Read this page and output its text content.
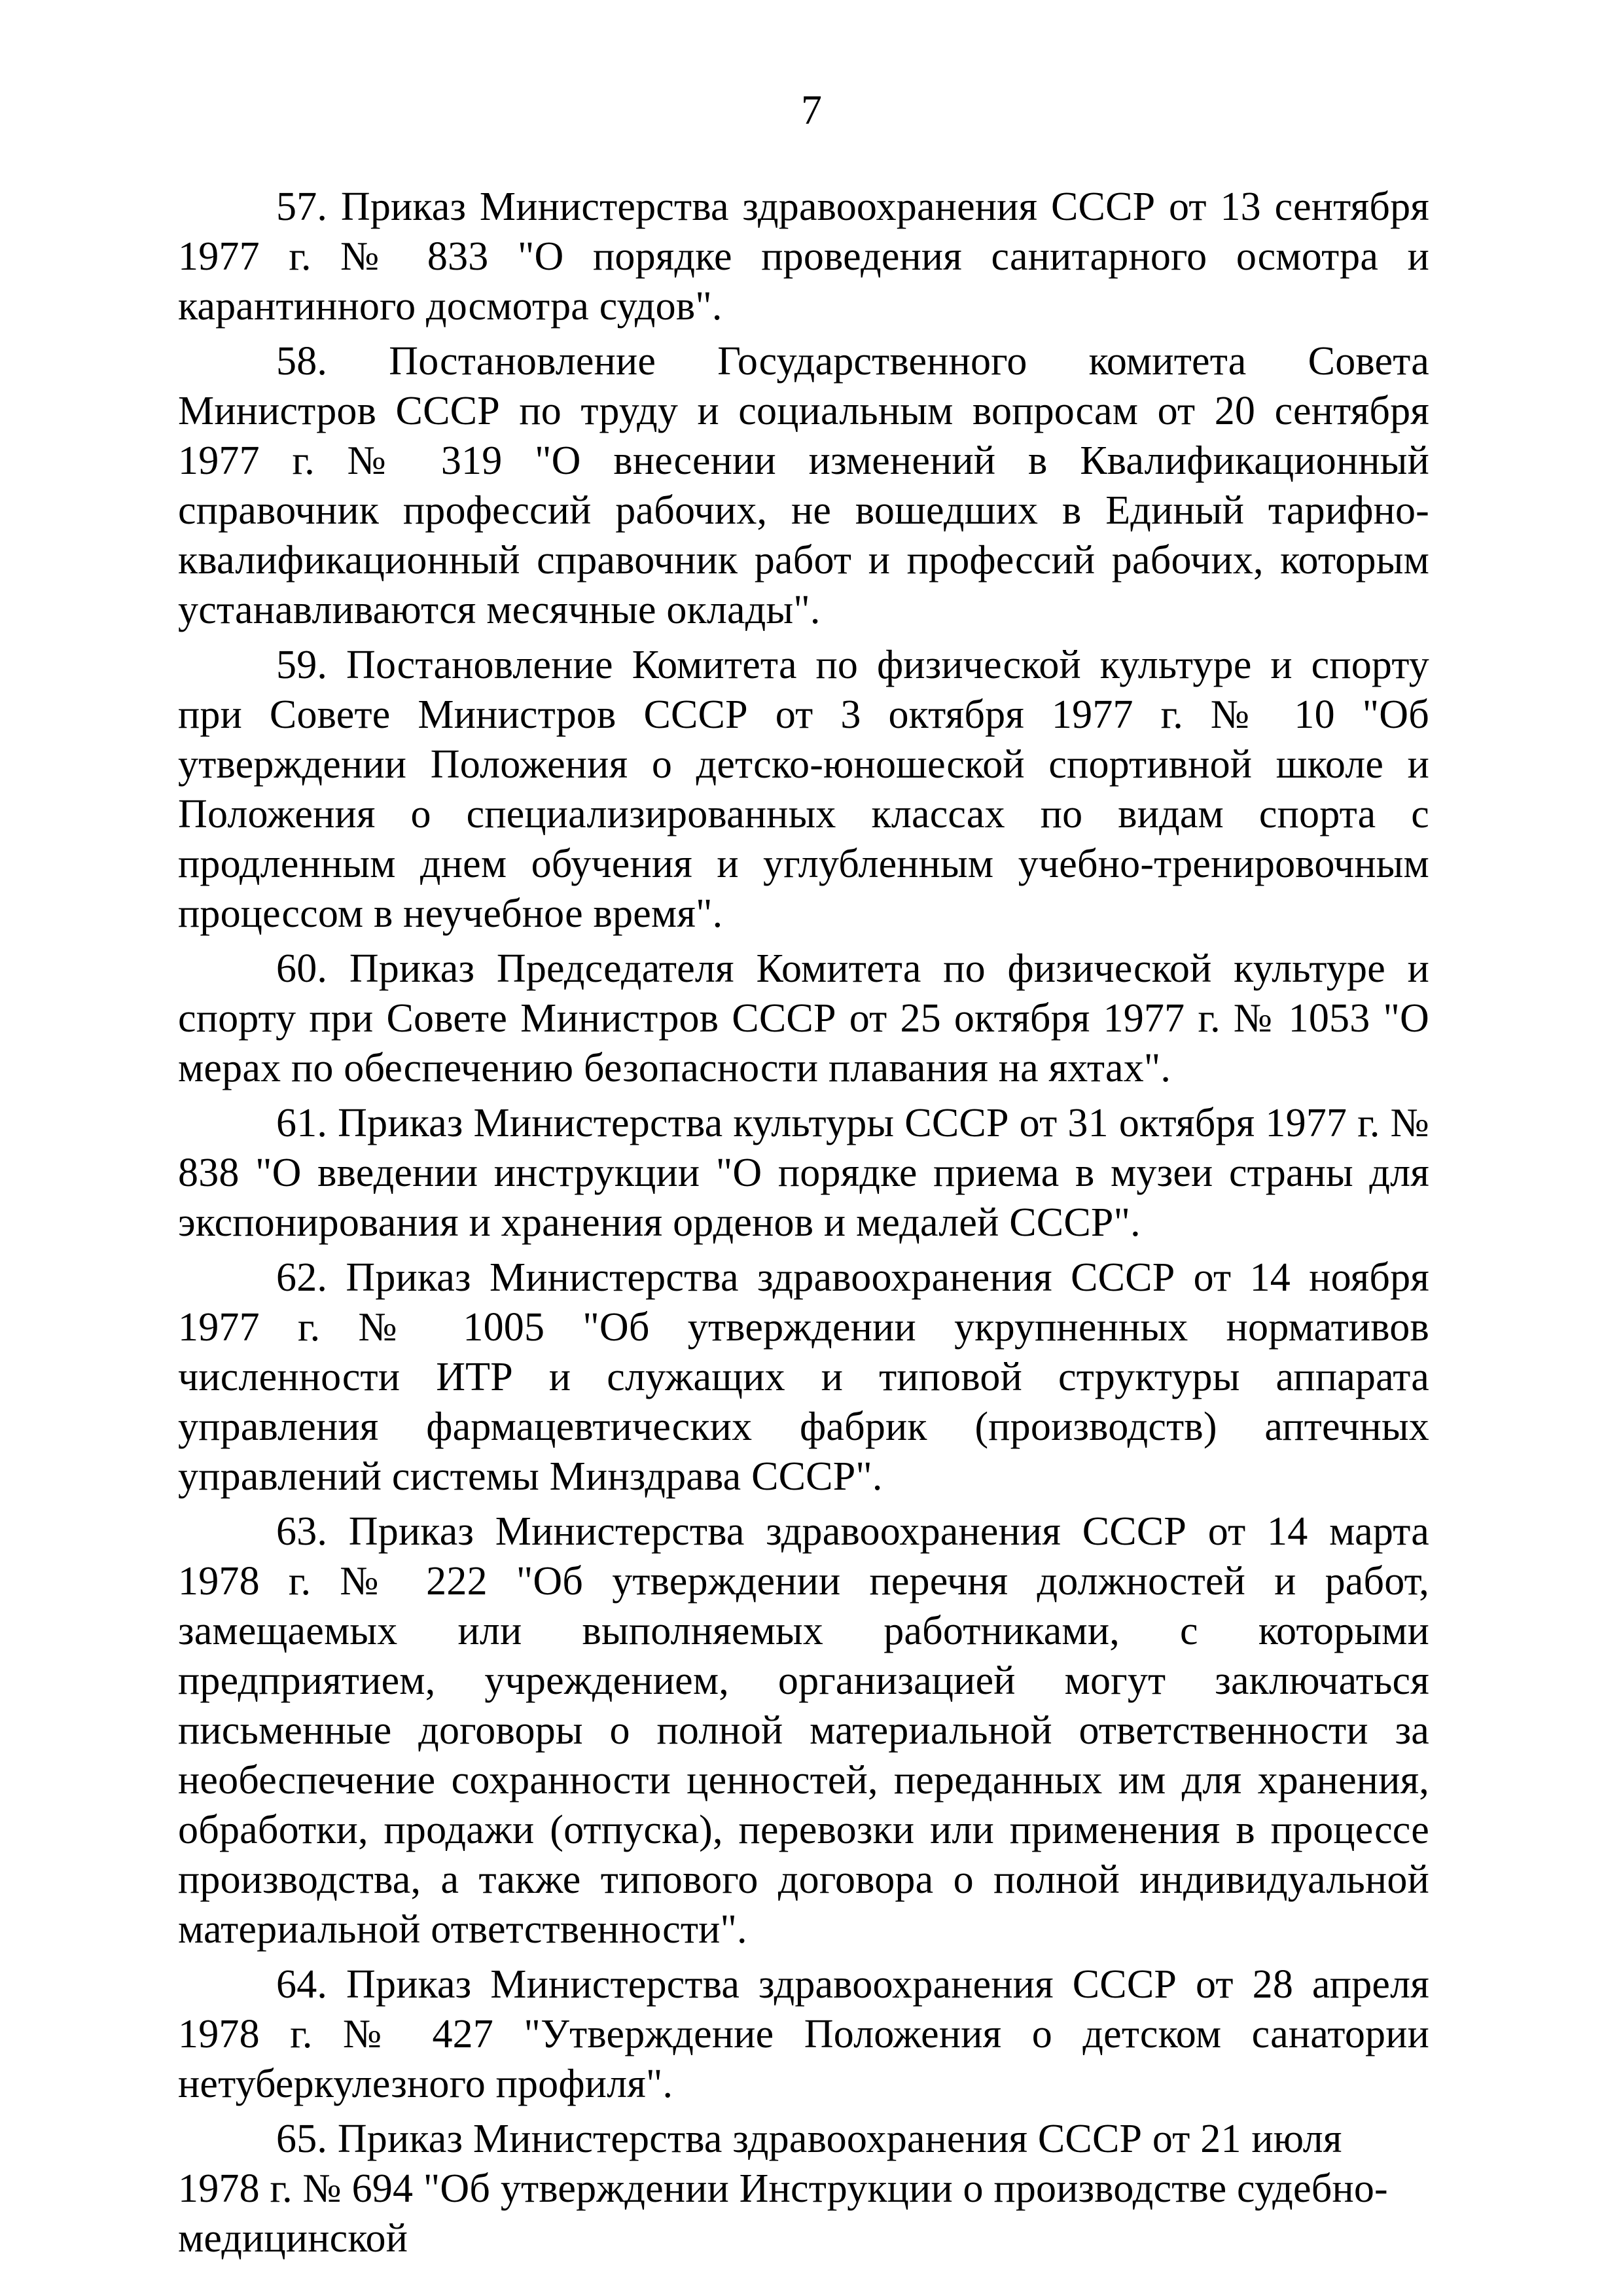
7

57. Приказ Министерства здравоохранения СССР от 13 сентября 1977 г. № 833 "О порядке проведения санитарного осмотра и карантинного досмотра судов".

58. Постановление Государственного комитета Совета Министров СССР по труду и социальным вопросам от 20 сентября 1977 г. № 319 "О внесении изменений в Квалификационный справочник профессий рабочих, не вошедших в Единый тарифно-квалификационный справочник работ и профессий рабочих, которым устанавливаются месячные оклады".

59. Постановление Комитета по физической культуре и спорту при Совете Министров СССР от 3 октября 1977 г. № 10 "Об утверждении Положения о детско-юношеской спортивной школе и Положения о специализированных классах по видам спорта с продленным днем обучения и углубленным учебно-тренировочным процессом в неучебное время".

60. Приказ Председателя Комитета по физической культуре и спорту при Совете Министров СССР от 25 октября 1977 г. № 1053 "О мерах по обеспечению безопасности плавания на яхтах".

61. Приказ Министерства культуры СССР от 31 октября 1977 г. № 838 "О введении инструкции "О порядке приема в музеи страны для экспонирования и хранения орденов и медалей СССР".

62. Приказ Министерства здравоохранения СССР от 14 ноября 1977 г. № 1005 "Об утверждении укрупненных нормативов численности ИТР и служащих и типовой структуры аппарата управления фармацевтических фабрик (производств) аптечных управлений системы Минздрава СССР".

63. Приказ Министерства здравоохранения СССР от 14 марта 1978 г. № 222 "Об утверждении перечня должностей и работ, замещаемых или выполняемых работниками, с которыми предприятием, учреждением, организацией могут заключаться письменные договоры о полной материальной ответственности за необеспечение сохранности ценностей, переданных им для хранения, обработки, продажи (отпуска), перевозки или применения в процессе производства, а также типового договора о полной индивидуальной материальной ответственности".

64. Приказ Министерства здравоохранения СССР от 28 апреля 1978 г. № 427 "Утверждение Положения о детском санатории нетуберкулезного профиля".

65. Приказ Министерства здравоохранения СССР от 21 июля 1978 г. № 694 "Об утверждении Инструкции о производстве судебно-медицинской
